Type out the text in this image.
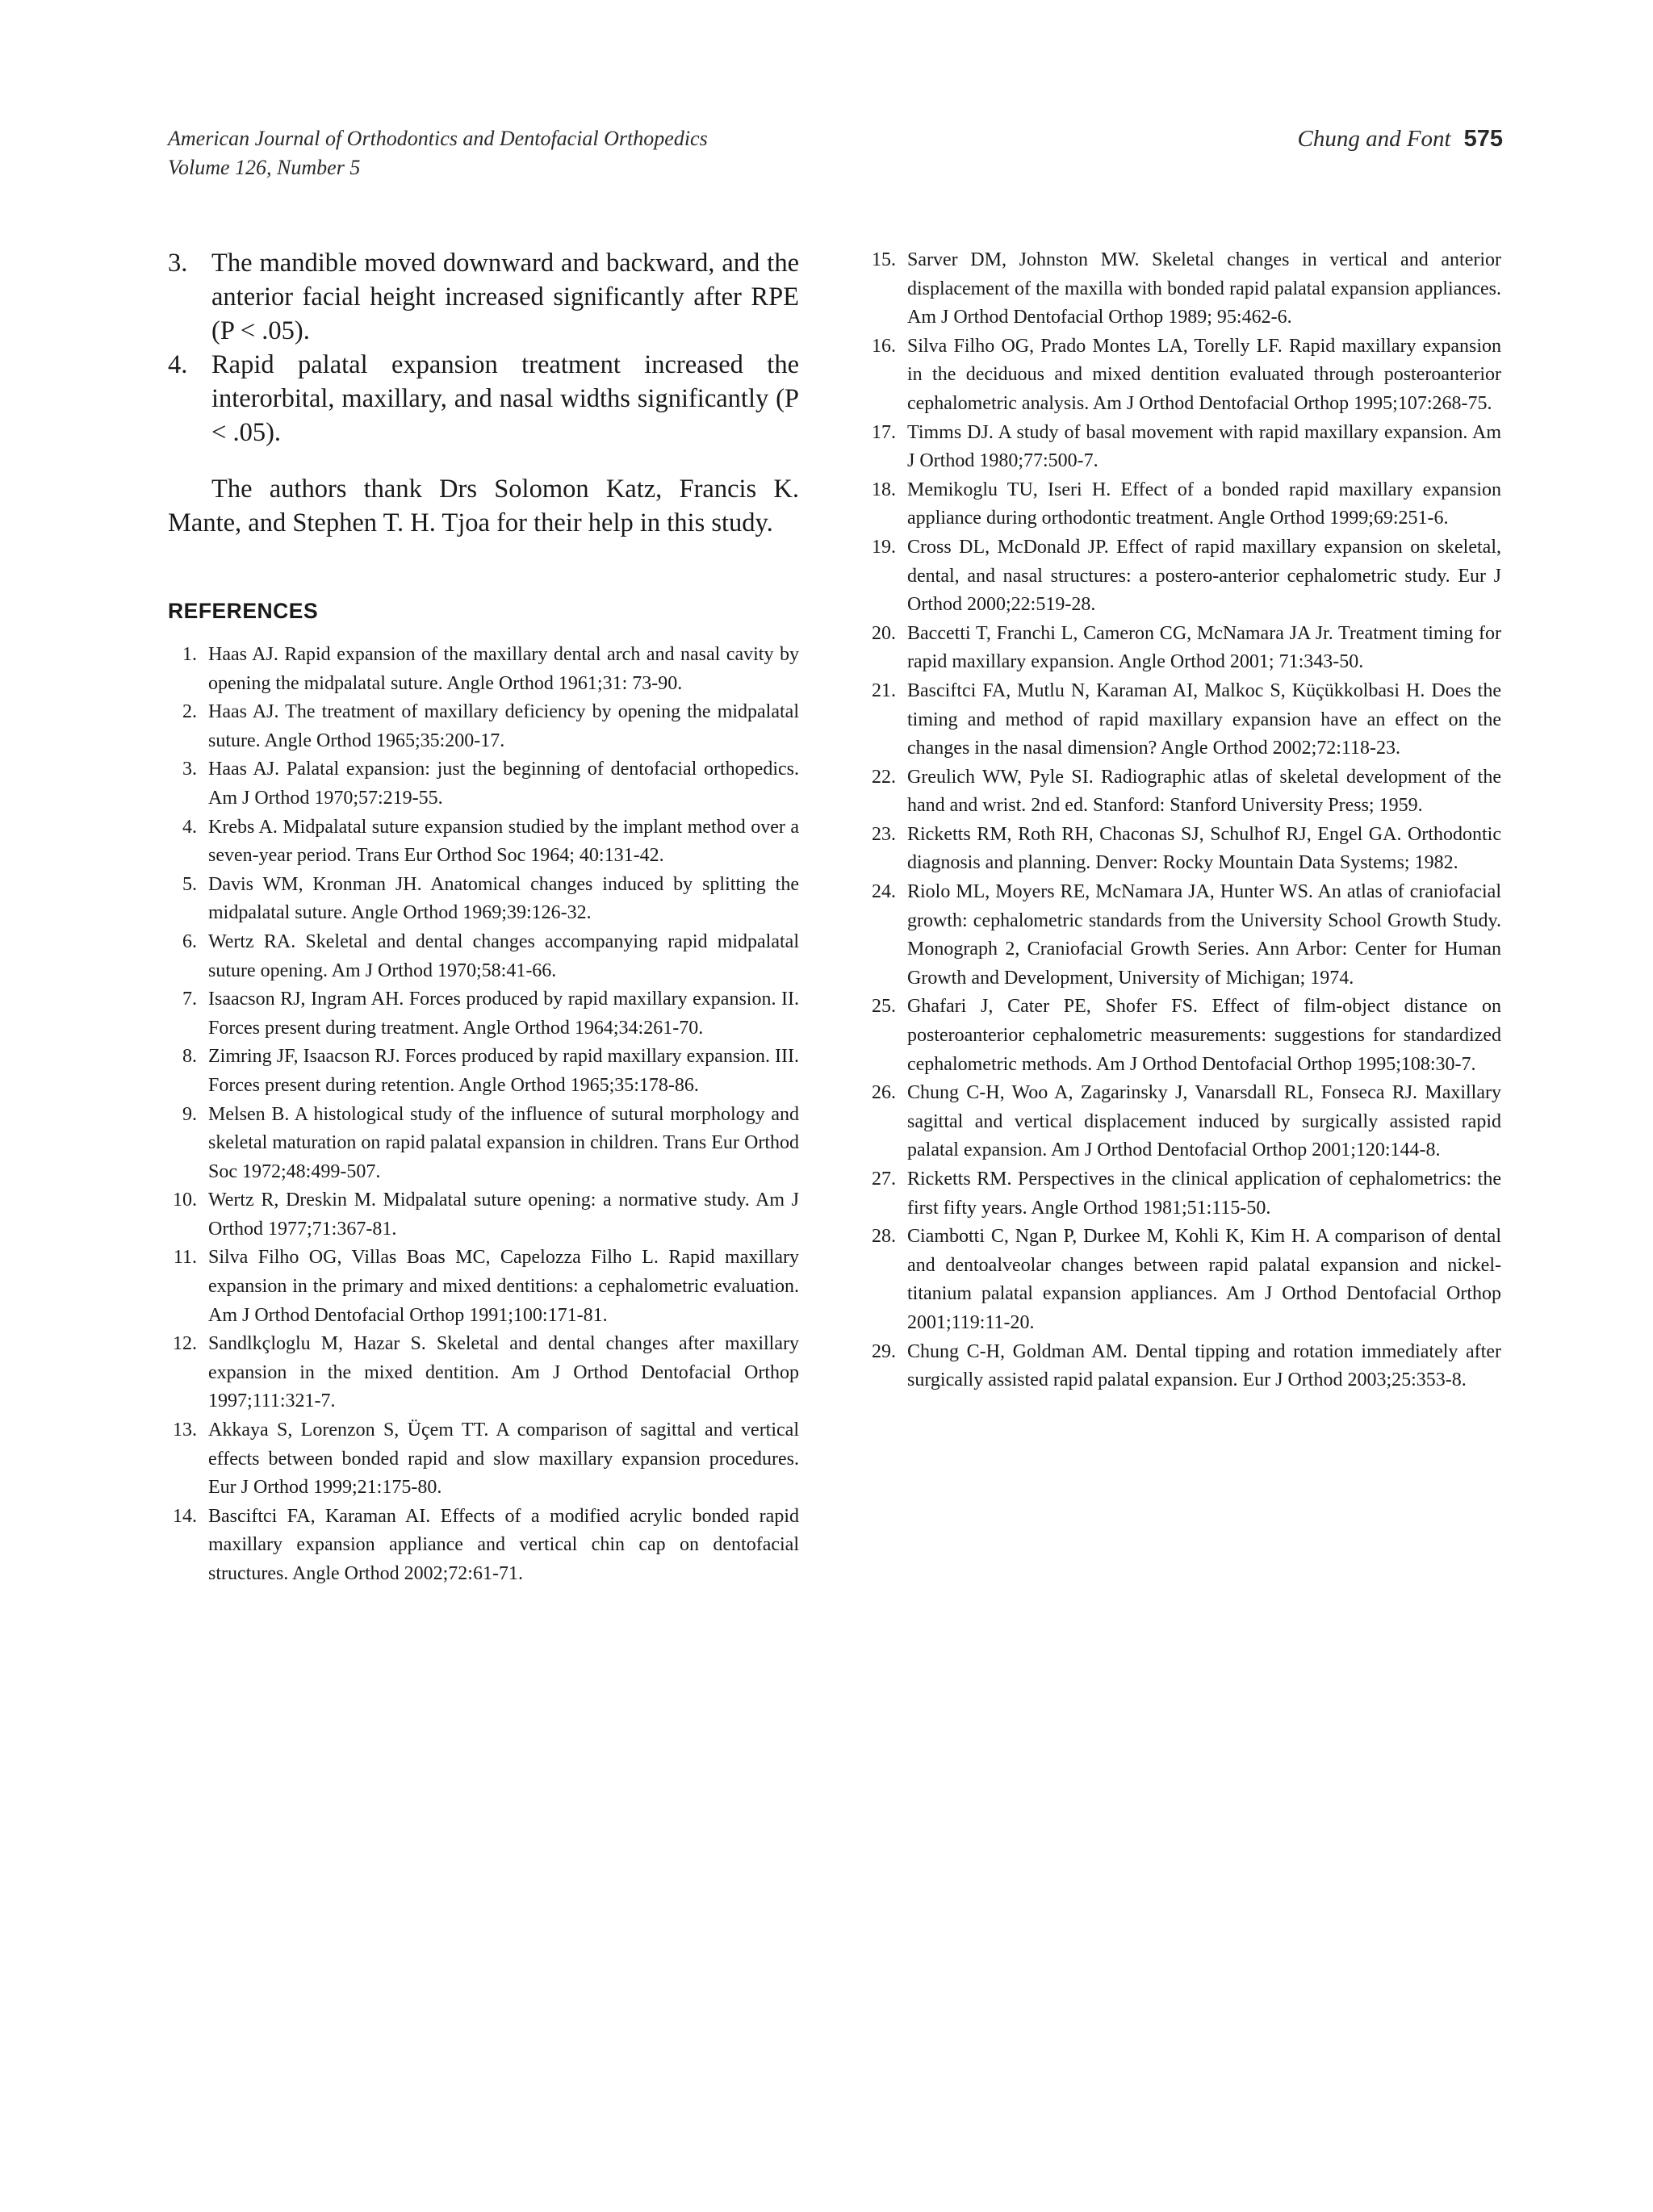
American Journal of Orthodontics and Dentofacial Orthopedics
Volume 126, Number 5
Chung and Font 575
3. The mandible moved downward and backward, and the anterior facial height increased significantly after RPE (P < .05).
4. Rapid palatal expansion treatment increased the interorbital, maxillary, and nasal widths significantly (P < .05).

The authors thank Drs Solomon Katz, Francis K. Mante, and Stephen T. H. Tjoa for their help in this study.

REFERENCES
1. Haas AJ. Rapid expansion of the maxillary dental arch and nasal cavity by opening the midpalatal suture. Angle Orthod 1961;31: 73-90.
2. Haas AJ. The treatment of maxillary deficiency by opening the midpalatal suture. Angle Orthod 1965;35:200-17.
3. Haas AJ. Palatal expansion: just the beginning of dentofacial orthopedics. Am J Orthod 1970;57:219-55.
4. Krebs A. Midpalatal suture expansion studied by the implant method over a seven-year period. Trans Eur Orthod Soc 1964; 40:131-42.
5. Davis WM, Kronman JH. Anatomical changes induced by splitting the midpalatal suture. Angle Orthod 1969;39:126-32.
6. Wertz RA. Skeletal and dental changes accompanying rapid midpalatal suture opening. Am J Orthod 1970;58:41-66.
7. Isaacson RJ, Ingram AH. Forces produced by rapid maxillary expansion. II. Forces present during treatment. Angle Orthod 1964;34:261-70.
8. Zimring JF, Isaacson RJ. Forces produced by rapid maxillary expansion. III. Forces present during retention. Angle Orthod 1965;35:178-86.
9. Melsen B. A histological study of the influence of sutural morphology and skeletal maturation on rapid palatal expansion in children. Trans Eur Orthod Soc 1972;48:499-507.
10. Wertz R, Dreskin M. Midpalatal suture opening: a normative study. Am J Orthod 1977;71:367-81.
11. Silva Filho OG, Villas Boas MC, Capelozza Filho L. Rapid maxillary expansion in the primary and mixed dentitions: a cephalometric evaluation. Am J Orthod Dentofacial Orthop 1991;100:171-81.
12. Sandlkçloglu M, Hazar S. Skeletal and dental changes after maxillary expansion in the mixed dentition. Am J Orthod Dentofacial Orthop 1997;111:321-7.
13. Akkaya S, Lorenzon S, Üçem TT. A comparison of sagittal and vertical effects between bonded rapid and slow maxillary expansion procedures. Eur J Orthod 1999;21:175-80.
14. Basciftci FA, Karaman AI. Effects of a modified acrylic bonded rapid maxillary expansion appliance and vertical chin cap on dentofacial structures. Angle Orthod 2002;72:61-71.
15. Sarver DM, Johnston MW. Skeletal changes in vertical and anterior displacement of the maxilla with bonded rapid palatal expansion appliances. Am J Orthod Dentofacial Orthop 1989; 95:462-6.
16. Silva Filho OG, Prado Montes LA, Torelly LF. Rapid maxillary expansion in the deciduous and mixed dentition evaluated through posteroanterior cephalometric analysis. Am J Orthod Dentofacial Orthop 1995;107:268-75.
17. Timms DJ. A study of basal movement with rapid maxillary expansion. Am J Orthod 1980;77:500-7.
18. Memikoglu TU, Iseri H. Effect of a bonded rapid maxillary expansion appliance during orthodontic treatment. Angle Orthod 1999;69:251-6.
19. Cross DL, McDonald JP. Effect of rapid maxillary expansion on skeletal, dental, and nasal structures: a postero-anterior cephalometric study. Eur J Orthod 2000;22:519-28.
20. Baccetti T, Franchi L, Cameron CG, McNamara JA Jr. Treatment timing for rapid maxillary expansion. Angle Orthod 2001; 71:343-50.
21. Basciftci FA, Mutlu N, Karaman AI, Malkoc S, Küçükkolbasi H. Does the timing and method of rapid maxillary expansion have an effect on the changes in the nasal dimension? Angle Orthod 2002;72:118-23.
22. Greulich WW, Pyle SI. Radiographic atlas of skeletal development of the hand and wrist. 2nd ed. Stanford: Stanford University Press; 1959.
23. Ricketts RM, Roth RH, Chaconas SJ, Schulhof RJ, Engel GA. Orthodontic diagnosis and planning. Denver: Rocky Mountain Data Systems; 1982.
24. Riolo ML, Moyers RE, McNamara JA, Hunter WS. An atlas of craniofacial growth: cephalometric standards from the University School Growth Study. Monograph 2, Craniofacial Growth Series. Ann Arbor: Center for Human Growth and Development, University of Michigan; 1974.
25. Ghafari J, Cater PE, Shofer FS. Effect of film-object distance on posteroanterior cephalometric measurements: suggestions for standardized cephalometric methods. Am J Orthod Dentofacial Orthop 1995;108:30-7.
26. Chung C-H, Woo A, Zagarinsky J, Vanarsdall RL, Fonseca RJ. Maxillary sagittal and vertical displacement induced by surgically assisted rapid palatal expansion. Am J Orthod Dentofacial Orthop 2001;120:144-8.
27. Ricketts RM. Perspectives in the clinical application of cephalometrics: the first fifty years. Angle Orthod 1981;51:115-50.
28. Ciambotti C, Ngan P, Durkee M, Kohli K, Kim H. A comparison of dental and dentoalveolar changes between rapid palatal expansion and nickel-titanium palatal expansion appliances. Am J Orthod Dentofacial Orthop 2001;119:11-20.
29. Chung C-H, Goldman AM. Dental tipping and rotation immediately after surgically assisted rapid palatal expansion. Eur J Orthod 2003;25:353-8.
